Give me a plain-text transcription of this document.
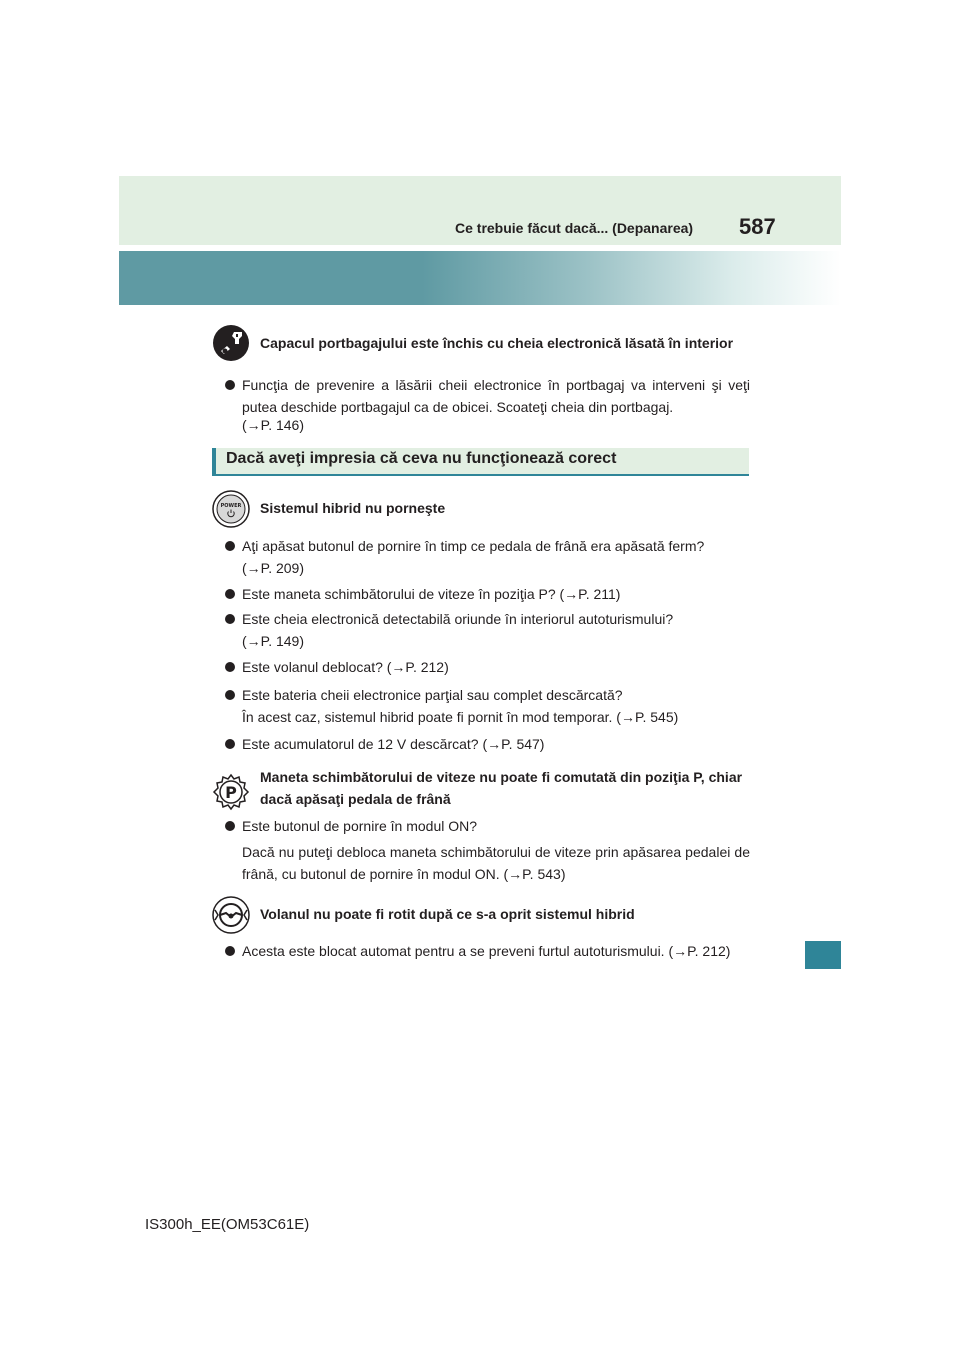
Ce trebuie făcut dacă... (Depanarea) 587
Capacul portbagajului este închis cu cheia electronică lăsată în interior
Funcţia de prevenire a lăsării cheii electronice în portbagaj va interveni şi veţi putea deschide portbagajul ca de obicei. Scoateţi cheia din portbagaj.
(→P. 146)
Dacă aveţi impresia că ceva nu funcţionează corect
POWER Sistemul hibrid nu porneşte
Aţi apăsat butonul de pornire în timp ce pedala de frână era apăsată ferm?
(→P. 209)
Este maneta schimbătorului de viteze în poziţia P? (→P. 211)
Este cheia electronică detectabilă oriunde în interiorul autoturismului?
(→P. 149)
Este volanul deblocat? (→P. 212)
Este bateria cheii electronice parţial sau complet descărcată?
În acest caz, sistemul hibrid poate fi pornit în mod temporar. (→P. 545)
Este acumulatorul de 12 V descărcat? (→P. 547)
P
Maneta schimbătorului de viteze nu poate fi comutată din poziţia P, chiar
dacă apăsaţi pedala de frână
Este butonul de pornire în modul ON?
Dacă nu puteţi debloca maneta schimbătorului de viteze prin apăsarea pedalei de frână, cu butonul de pornire în modul ON. (→P. 543)
Volanul nu poate fi rotit după ce s-a oprit sistemul hibrid
Acesta este blocat automat pentru a se preveni furtul autoturismului. (→P. 212)
IS300h_EE(OM53C61E)
